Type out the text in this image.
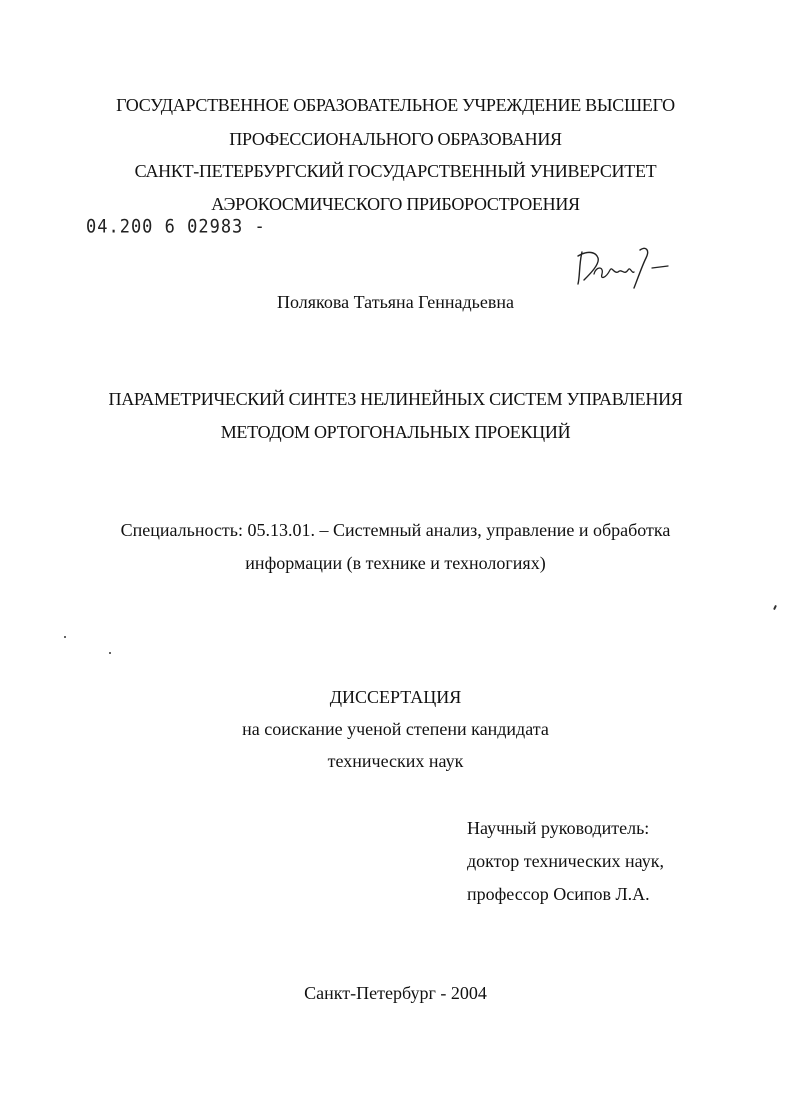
ГОСУДАРСТВЕННОЕ ОБРАЗОВАТЕЛЬНОЕ УЧРЕЖДЕНИЕ ВЫСШЕГО
ПРОФЕССИОНАЛЬНОГО ОБРАЗОВАНИЯ
САНКТ-ПЕТЕРБУРГСКИЙ ГОСУДАРСТВЕННЫЙ УНИВЕРСИТЕТ
АЭРОКОСМИЧЕСКОГО ПРИБОРОСТРОЕНИЯ
04.200 6 02983 -
Полякова Татьяна Геннадьевна
ПАРАМЕТРИЧЕСКИЙ СИНТЕЗ НЕЛИНЕЙНЫХ СИСТЕМ УПРАВЛЕНИЯ
МЕТОДОМ ОРТОГОНАЛЬНЫХ ПРОЕКЦИЙ
Специальность: 05.13.01. – Системный анализ, управление и обработка
информации (в технике и технологиях)
ДИССЕРТАЦИЯ
на соискание ученой степени кандидата
технических наук
Научный руководитель:
доктор технических наук,
профессор Осипов Л.А.
Санкт-Петербург - 2004
